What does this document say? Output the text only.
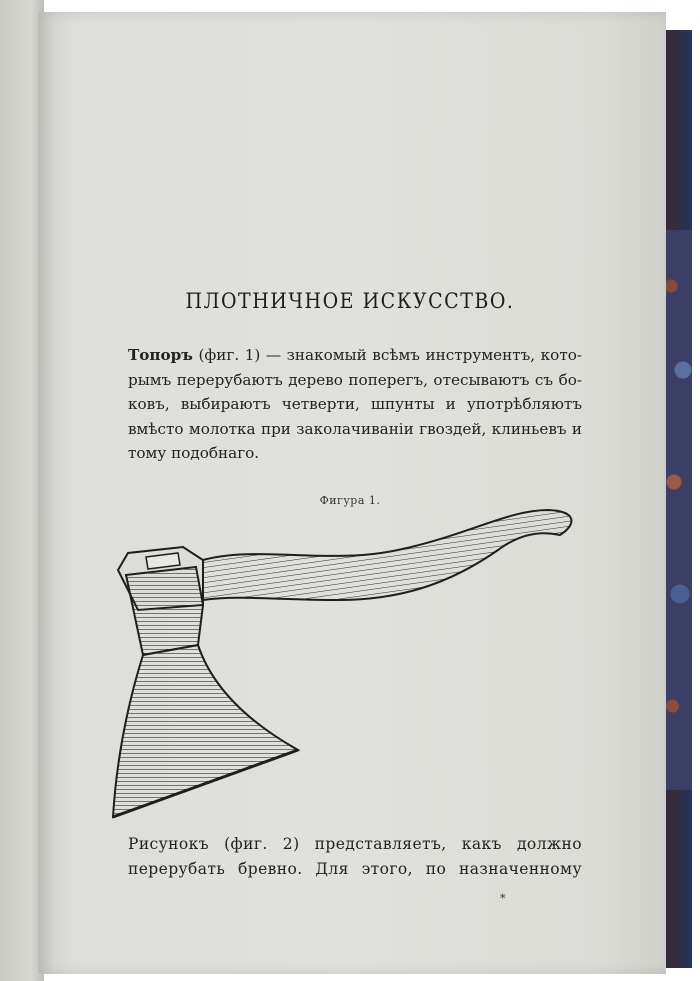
ПЛОТНИЧНОЕ ИСКУССТВО.
Топоръ (фиг. 1) — знакомый всѣмъ инструментъ, кото-
рымъ перерубаютъ дерево поперегъ, отесываютъ съ бо-
ковъ, выбираютъ четверти, шпунты и употрѣбляютъ
вмѣсто молотка при заколачиваніи гвоздей, клиньевъ и
тому подобнаго.
Фигура 1.
Рисунокъ (фиг. 2) представляетъ, какъ должно
перерубать бревно. Для этого, по назначенному
*
